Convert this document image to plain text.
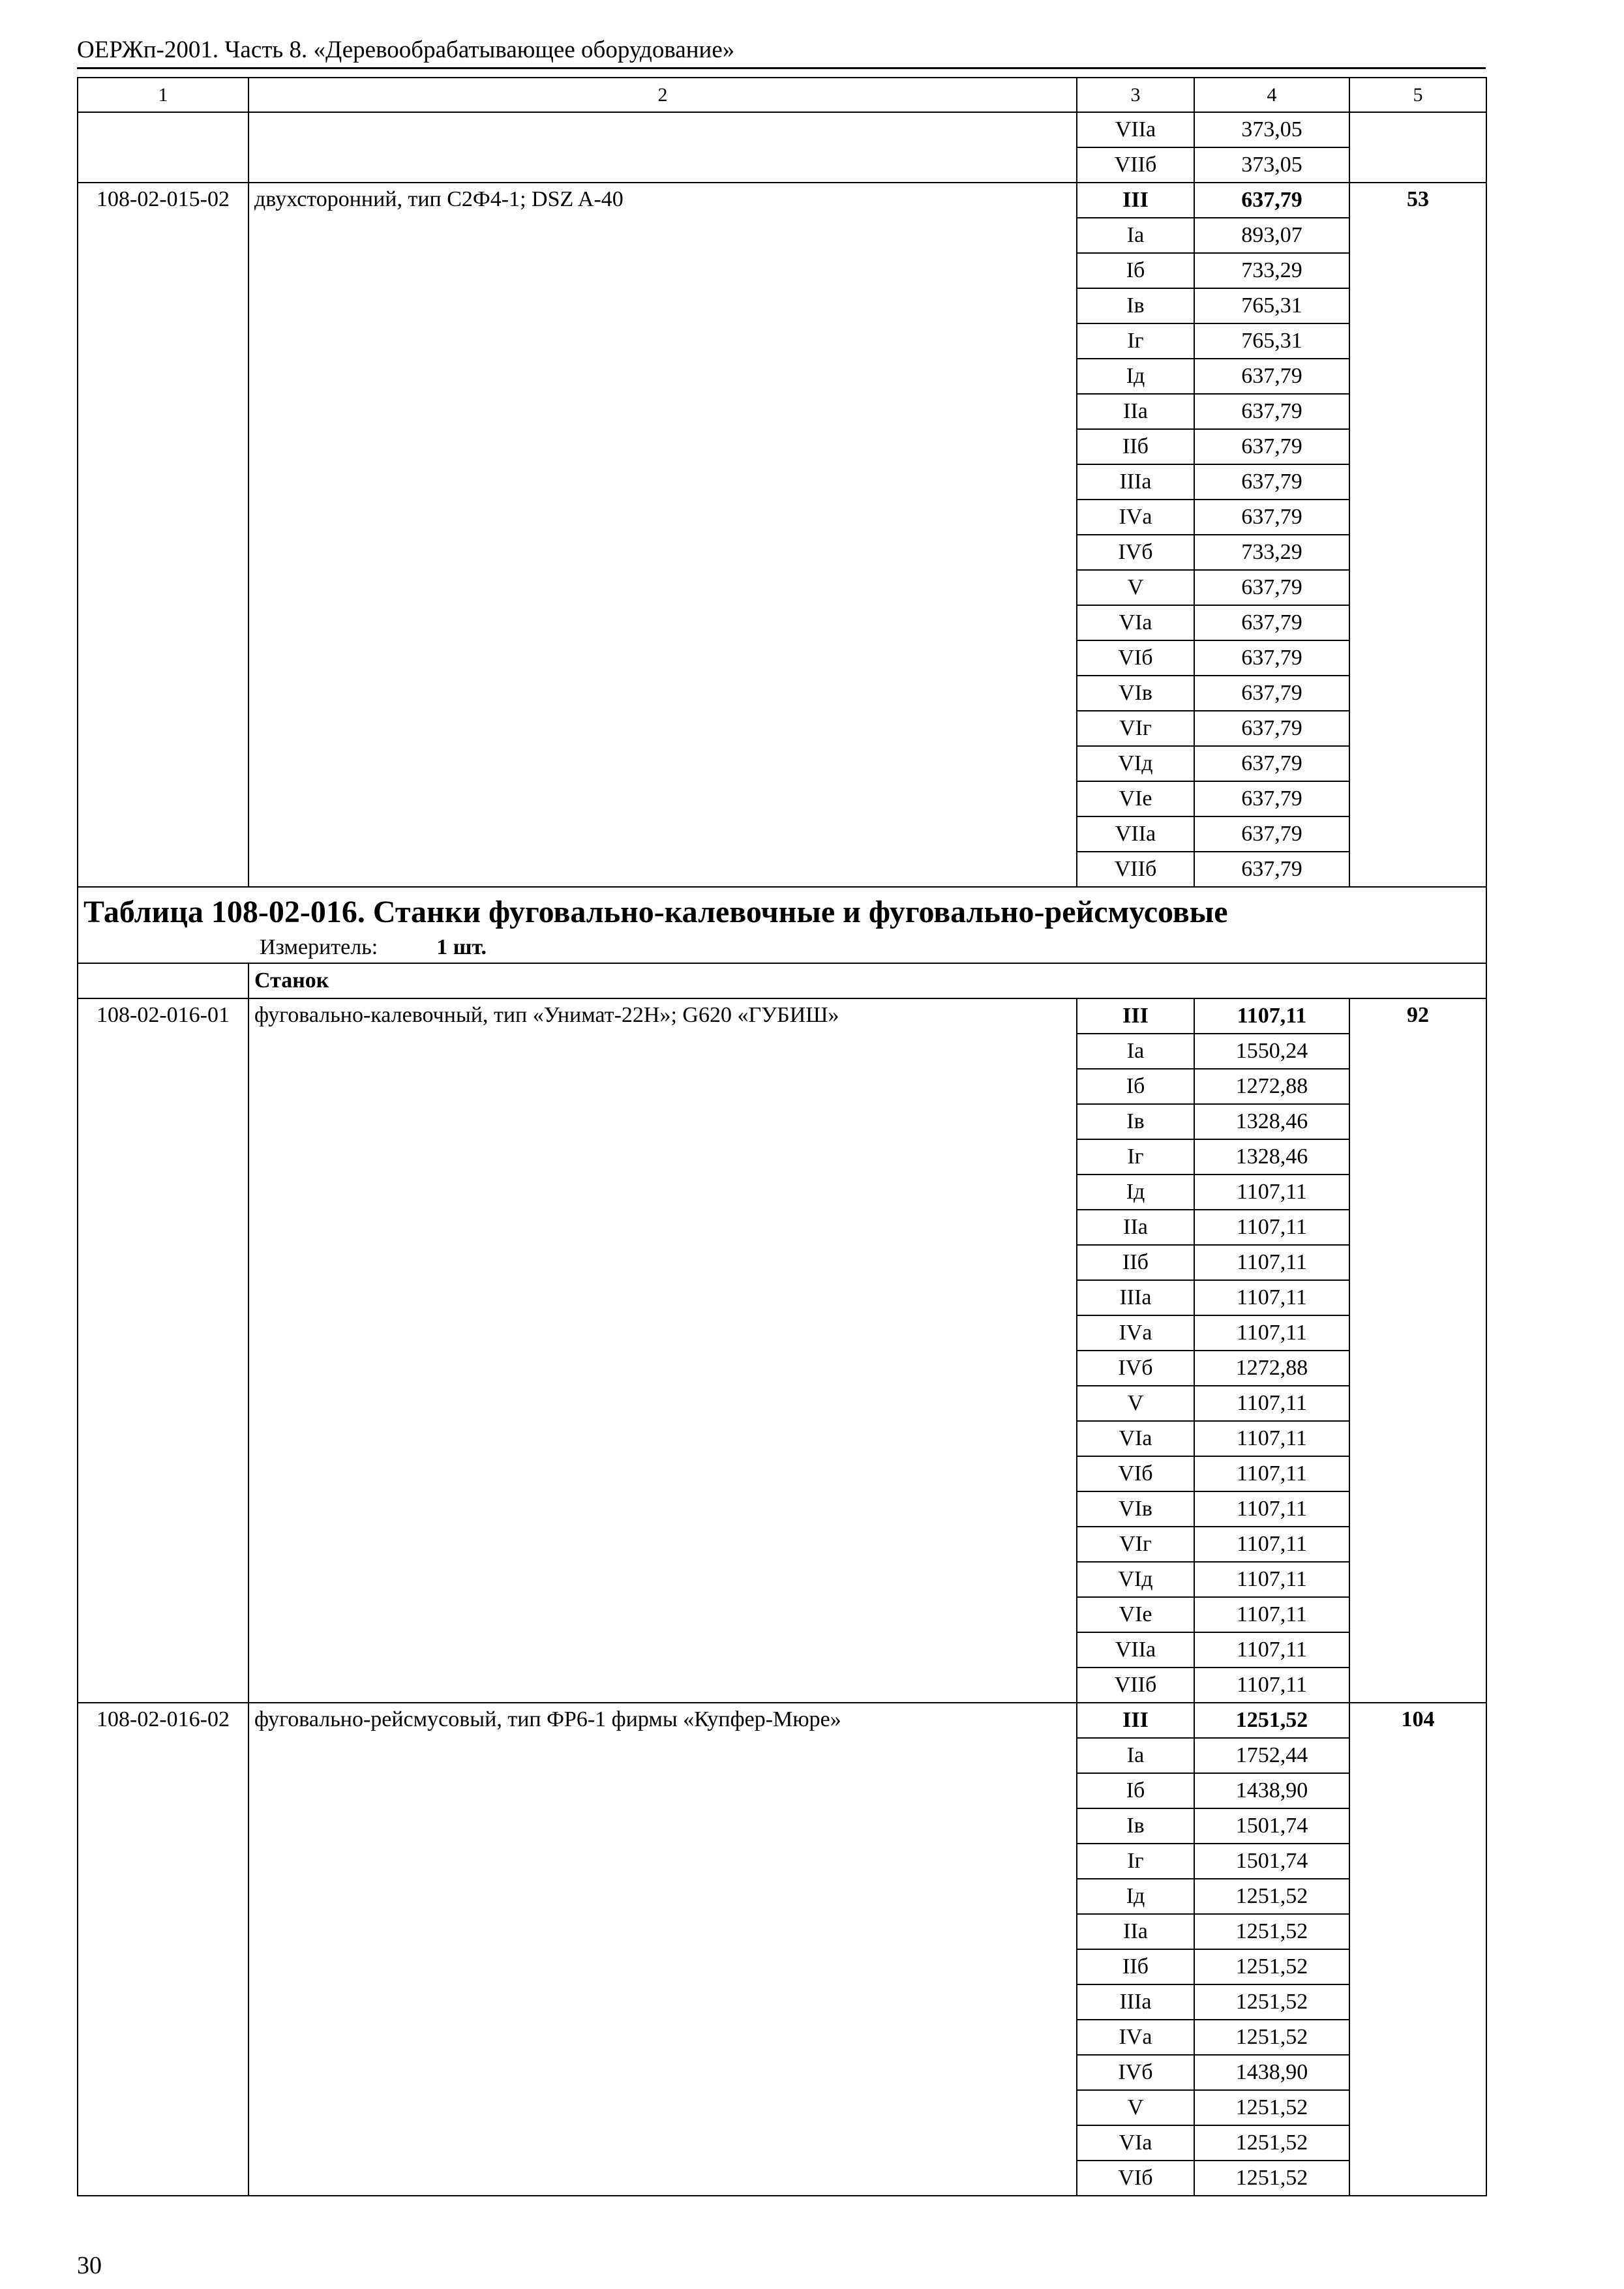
ОЕРЖп-2001. Часть 8. «Деревообрабатывающее оборудование»
1	2	3	4	5
		VIIа	373,05	
		VIIб	373,05	
108-02-015-02	двухсторонний, тип С2Ф4-1; DSZ A-40	III	637,79	53
		Iа	893,07	
		Iб	733,29	
		Iв	765,31	
		Iг	765,31	
		Iд	637,79	
		IIа	637,79	
		IIб	637,79	
		IIIа	637,79	
		IVа	637,79	
		IVб	733,29	
		V	637,79	
		VIа	637,79	
		VIб	637,79	
		VIв	637,79	
		VIг	637,79	
		VIд	637,79	
		VIе	637,79	
		VIIа	637,79	
		VIIб	637,79	

Таблица 108-02-016. Станки фуговально-калевочные и фуговально-рейсмусовые
Измеритель: 1 шт.				

	Станок			
108-02-016-01	фуговально-калевочный, тип «Унимат-22Н»; G620 «ГУБИШ»	III	1107,11	92
		Iа	1550,24	
		Iб	1272,88	
		Iв	1328,46	
		Iг	1328,46	
		Iд	1107,11	
		IIа	1107,11	
		IIб	1107,11	
		IIIа	1107,11	
		IVа	1107,11	
		IVб	1272,88	
		V	1107,11	
		VIа	1107,11	
		VIб	1107,11	
		VIв	1107,11	
		VIг	1107,11	
		VIд	1107,11	
		VIе	1107,11	
		VIIа	1107,11	
		VIIб	1107,11	
108-02-016-02	фуговально-рейсмусовый, тип ФР6-1 фирмы «Купфер-Мюре»	III	1251,52	104
		Iа	1752,44	
		Iб	1438,90	
		Iв	1501,74	
		Iг	1501,74	
		Iд	1251,52	
		IIа	1251,52	
		IIб	1251,52	
		IIIа	1251,52	
		IVа	1251,52	
		IVб	1438,90	
		V	1251,52	
		VIа	1251,52	
		VIб	1251,52	
30
